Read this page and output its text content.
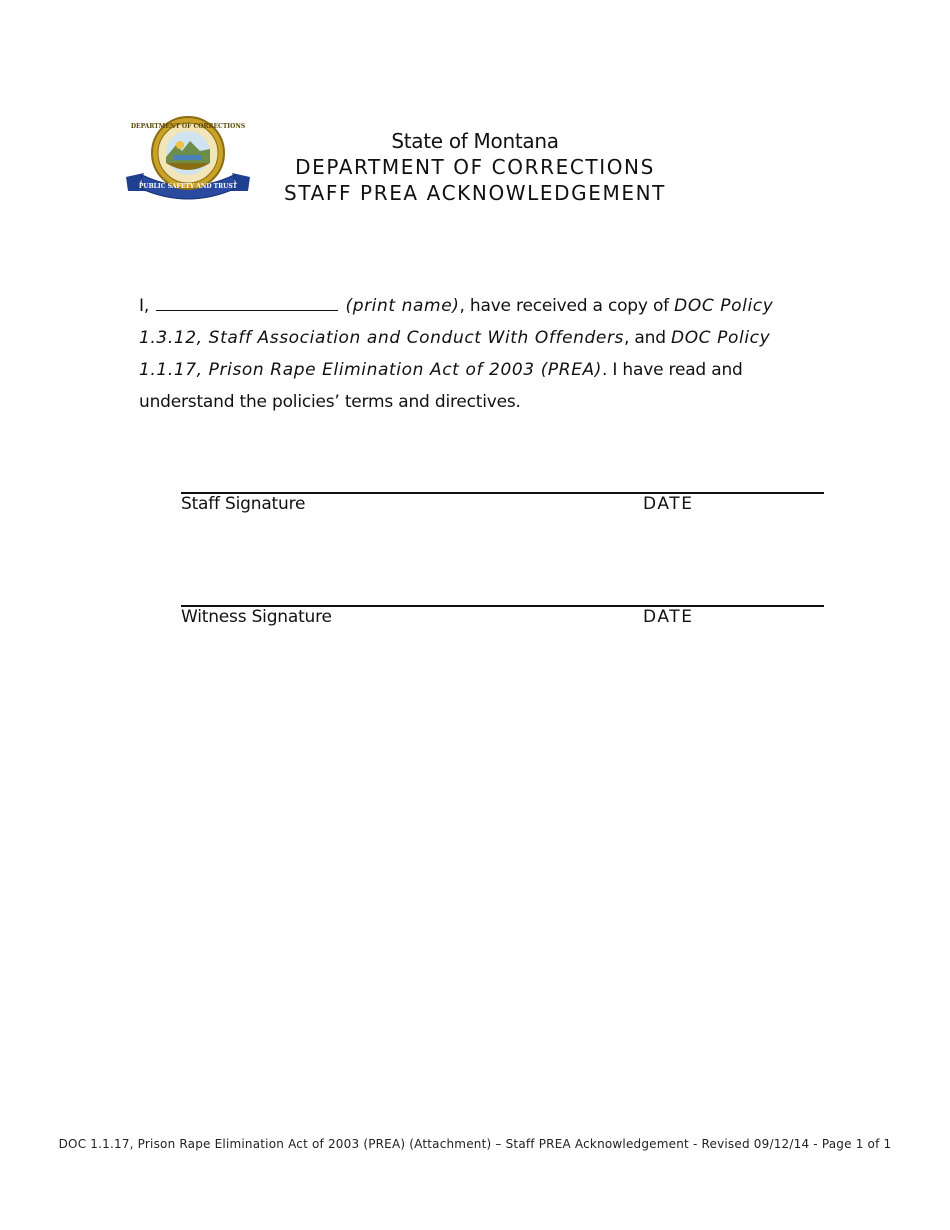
DEPARTMENT OF CORRECTIONS
PUBLIC SAFETY AND TRUST
State of Montana
DEPARTMENT OF CORRECTIONS
STAFF PREA ACKNOWLEDGEMENT
I,	(print name), have received a copy of DOC Policy 1.3.12, Staff Association and Conduct With Offenders, and DOC Policy 1.1.17, Prison Rape Elimination Act of 2003 (PREA). I have read and understand the policies’ terms and directives.
Staff Signature	DATE
Witness Signature	DATE
DOC 1.1.17, Prison Rape Elimination Act of 2003 (PREA) (Attachment) – Staff PREA Acknowledgement - Revised 09/12/14 - Page 1 of 1
